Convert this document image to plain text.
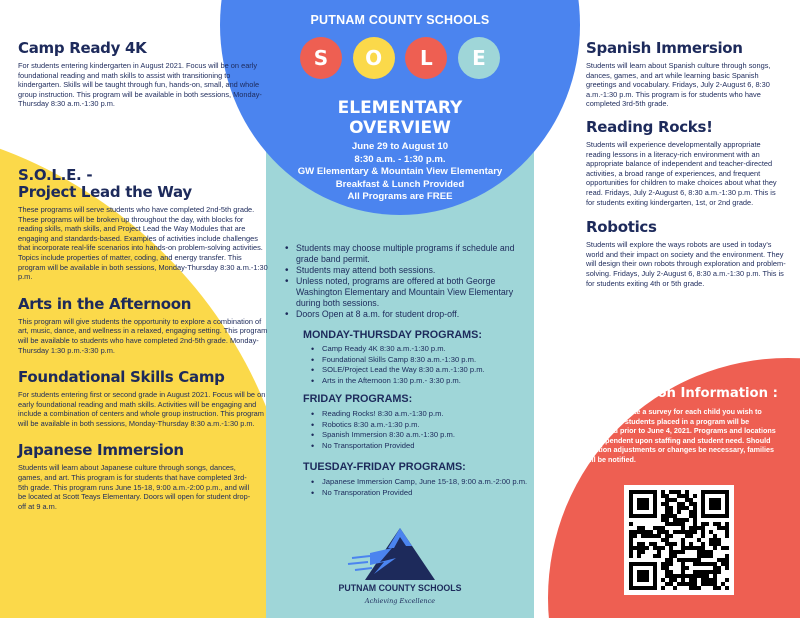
Camp Ready 4K

For students entering kindergarten in August 2021. Focus will be on early foundational reading and math skills to assist with transitioning to kindergarten. Skills will be taught through fun, hands-on, small, and whole group instruction. This program will be available in both sessions, Monday-Thursday 8:30 a.m.-1:30 p.m.

S.O.L.E. -
Project Lead the Way

These programs will serve students who have completed 2nd-5th grade. These programs will be broken up throughout the day, with blocks for reading skills, math skills, and Project Lead the Way Modules that are engaging and standards-based. Examples of activities include challenges that incorporate real-life scenarios into hands-on problem-solving activities. Topics include properties of matter, coding, and energy transfer. This program will be available in both sessions, Monday-Thursday 8:30 a.m.-1:30 p.m.

Arts in the Afternoon

This program will give students the opportunity to explore a combination of art, music, dance, and wellness in a relaxed, engaging setting. This program will be available to students who have completed 2nd-5th grade. Monday-Thursday 1:30 p.m.-3:30 p.m.

Foundational Skills Camp

For students entering first or second grade in August 2021. Focus will be on early foundational reading and math skills. Activities will be engaging and include a combination of centers and whole group instruction. This program will be available in both sessions, Monday-Thursday 8:30 a.m.-1:30 p.m.

Japanese Immersion

Students will learn about Japanese culture through songs, dances, games, and art. This program is for students that have completed 3rd-5th grade. This program runs June 15-18, 9:00 a.m.-2:00 p.m., and will be located at Scott Teays Elementary. Doors will open for student drop-off at 9 a.m.

PUTNAM COUNTY SCHOOLS
S	O	L	E
ELEMENTARY
OVERVIEW
June 29 to August 10
8:30 a.m. - 1:30 p.m.
GW Elementary & Mountain View Elementary
Breakfast & Lunch Provided
All Programs are FREE
• Students may choose multiple programs if schedule and grade band permit.
• Students may attend both sessions.
• Unless noted, programs are offered at both George Washington Elementary and Mountain View Elementary during both sessions.
• Doors Open at 8 a.m. for student drop-off.
MONDAY-THURSDAY PROGRAMS:
• Camp Ready 4K 8:30 a.m.-1:30 p.m.
• Foundational Skills Camp 8:30 a.m.-1:30 p.m.
• SOLE/Project Lead the Way 8:30 a.m.-1:30 p.m.
• Arts in the Afternoon 1:30 p.m.- 3:30 p.m.
FRIDAY PROGRAMS:
• Reading Rocks! 8:30 a.m.-1:30 p.m.
• Robotics 8:30 a.m.-1:30 p.m.
• Spanish Immersion 8:30 a.m.-1:30 p.m.
• No Transportation Provided
TUESDAY-FRIDAY PROGRAMS:
• Japanese Immersion Camp, June 15-18, 9:00 a.m.-2:00 p.m.
• No Transporation Provided
PUTNAM COUNTY SCHOOLS
Achieving Excellence
Spanish Immersion

Students will learn about Spanish culture through songs, dances, games, and art while learning basic Spanish greetings and vocabulary. Fridays, July 2-August 6, 8:30 a.m.-1:30 p.m. This program is for students who have completed 3rd-5th grade.

Reading Rocks!

Students will experience developmentally appropriate reading lessons in a literacy-rich environment with an appropriate balance of independent and teacher-directed activities, a broad range of experiences, and frequent opportunities for children to make choices about what they read. Fridays, July 2-August 6, 8:30 a.m.-1:30 p.m. This is for students exiting kindergarten, 1st, or 2nd grade.

Robotics

Students will explore the ways robots are used in today's world and their impact on society and the environment. They will design their own robots through exploration and problem-solving. Fridays, July 2-August 6, 8:30 a.m.-1:30 p.m. This is for students exiting 4th or 5th grade.

Registration Information :

Please complete a survey for each child you wish to register. All students placed in a program will be contacted prior to June 4, 2021. Programs and locations are dependent upon staffing and student need. Should location adjustments or changes be necessary, families will be notified.
